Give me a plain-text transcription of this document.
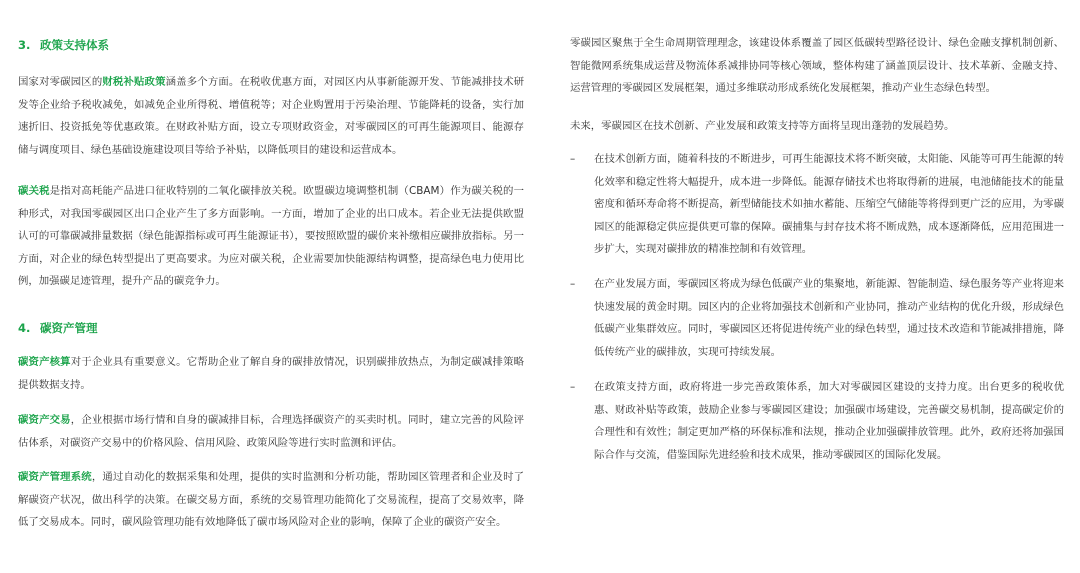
3. 政策支持体系

国家对零碳园区的财税补贴政策涵盖多个方面。在税收优惠方面，对园区内从事新能源开发、节能减排技术研发等企业给予税收减免，如减免企业所得税、增值税等；对企业购置用于污染治理、节能降耗的设备，实行加速折旧、投资抵免等优惠政策。在财政补贴方面，设立专项财政资金，对零碳园区的可再生能源项目、能源存储与调度项目、绿色基础设施建设项目等给予补贴，以降低项目的建设和运营成本。

碳关税是指对高耗能产品进口征收特别的二氧化碳排放关税。欧盟碳边境调整机制（CBAM）作为碳关税的一种形式，对我国零碳园区出口企业产生了多方面影响。一方面，增加了企业的出口成本。若企业无法提供欧盟认可的可靠碳减排量数据（绿色能源指标或可再生能源证书），要按照欧盟的碳价来补缴相应碳排放指标。另一方面，对企业的绿色转型提出了更高要求。为应对碳关税，企业需要加快能源结构调整，提高绿色电力使用比例，加强碳足迹管理，提升产品的碳竞争力。

4. 碳资产管理

碳资产核算对于企业具有重要意义。它帮助企业了解自身的碳排放情况，识别碳排放热点，为制定碳减排策略提供数据支持。

碳资产交易，企业根据市场行情和自身的碳减排目标，合理选择碳资产的买卖时机。同时，建立完善的风险评估体系，对碳资产交易中的价格风险、信用风险、政策风险等进行实时监测和评估。

碳资产管理系统，通过自动化的数据采集和处理，提供的实时监测和分析功能，帮助园区管理者和企业及时了解碳资产状况，做出科学的决策。在碳交易方面，系统的交易管理功能简化了交易流程，提高了交易效率，降低了交易成本。同时，碳风险管理功能有效地降低了碳市场风险对企业的影响，保障了企业的碳资产安全。

零碳园区聚焦于全生命周期管理理念，该建设体系覆盖了园区低碳转型路径设计、绿色金融支撑机制创新、智能微网系统集成运营及物流体系减排协同等核心领域，整体构建了涵盖顶层设计、技术革新、金融支持、运营管理的零碳园区发展框架，通过多维联动形成系统化发展框架，推动产业生态绿色转型。

未来，零碳园区在技术创新、产业发展和政策支持等方面将呈现出蓬勃的发展趋势。

– 在技术创新方面，随着科技的不断进步，可再生能源技术将不断突破，太阳能、风能等可再生能源的转化效率和稳定性将大幅提升，成本进一步降低。能源存储技术也将取得新的进展，电池储能技术的能量密度和循环寿命将不断提高，新型储能技术如抽水蓄能、压缩空气储能等将得到更广泛的应用，为零碳园区的能源稳定供应提供更可靠的保障。碳捕集与封存技术将不断成熟，成本逐渐降低，应用范围进一步扩大，实现对碳排放的精准控制和有效管理。

– 在产业发展方面，零碳园区将成为绿色低碳产业的集聚地，新能源、智能制造、绿色服务等产业将迎来快速发展的黄金时期。园区内的企业将加强技术创新和产业协同，推动产业结构的优化升级，形成绿色低碳产业集群效应。同时，零碳园区还将促进传统产业的绿色转型，通过技术改造和节能减排措施，降低传统产业的碳排放，实现可持续发展。

– 在政策支持方面，政府将进一步完善政策体系，加大对零碳园区建设的支持力度。出台更多的税收优惠、财政补贴等政策，鼓励企业参与零碳园区建设；加强碳市场建设，完善碳交易机制，提高碳定价的合理性和有效性；制定更加严格的环保标准和法规，推动企业加强碳排放管理。此外，政府还将加强国际合作与交流，借鉴国际先进经验和技术成果，推动零碳园区的国际化发展。
